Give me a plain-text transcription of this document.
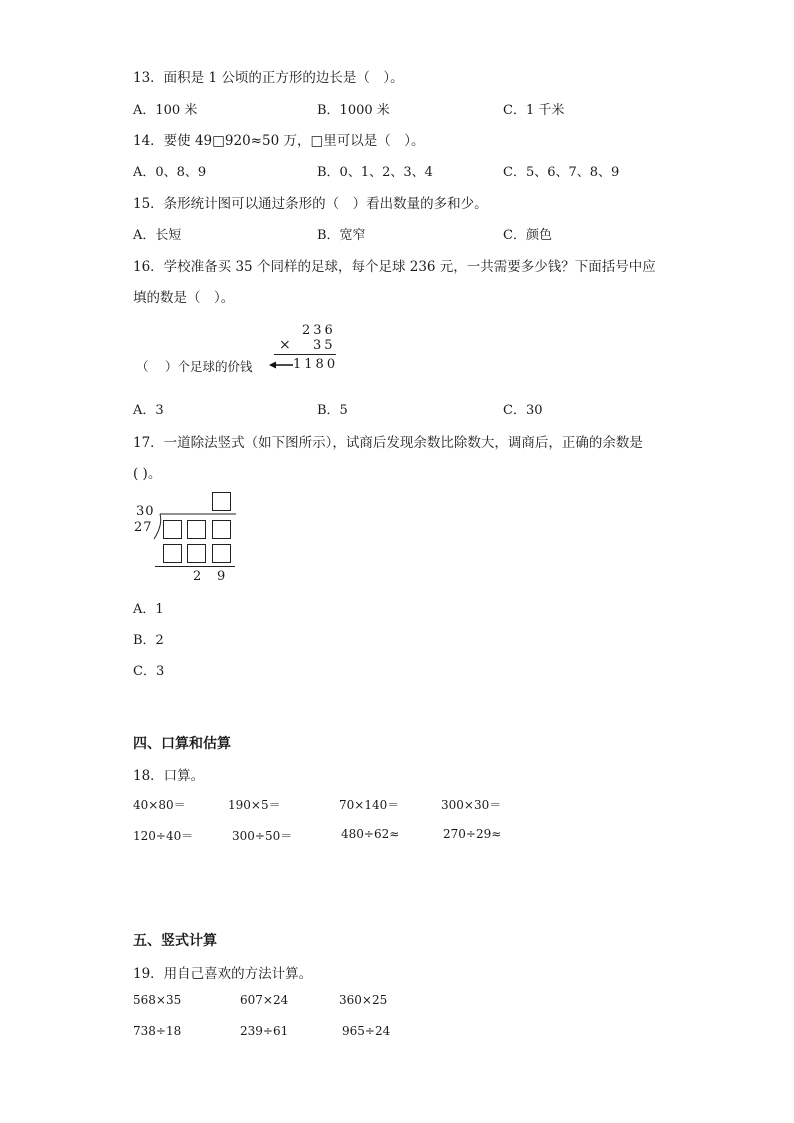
13．面积是 1 公顷的正方形的边长是（　）。
A．100 米	B．1000 米	C．1 千米
14．要使 49□920≈50 万，□里可以是（　）。
A．0、8、9	B．0、1、2、3、4	C．5、6、7、8、9
15．条形统计图可以通过条形的（　）看出数量的多和少。
A．长短	B．宽窄	C．颜色
16．学校准备买 35 个同样的足球，每个足球 236 元，一共需要多少钱？下面括号中应
填的数是（　）。
236
× 35
（　 ）个足球的价钱	1180
A．3	B．5	C．30
17．一道除法竖式（如下图所示），试商后发现余数比除数大，调商后，正确的余数是
( )。
30
27
2 9
A．1
B．2
C．3
四、口算和估算
18．口算。
40×80＝	190×5＝	70×140＝	300×30＝
120÷40＝	300÷50＝	480÷62≈	270÷29≈
五、竖式计算
19．用自己喜欢的方法计算。
568×35	607×24	360×25
738÷18	239÷61	965÷24
